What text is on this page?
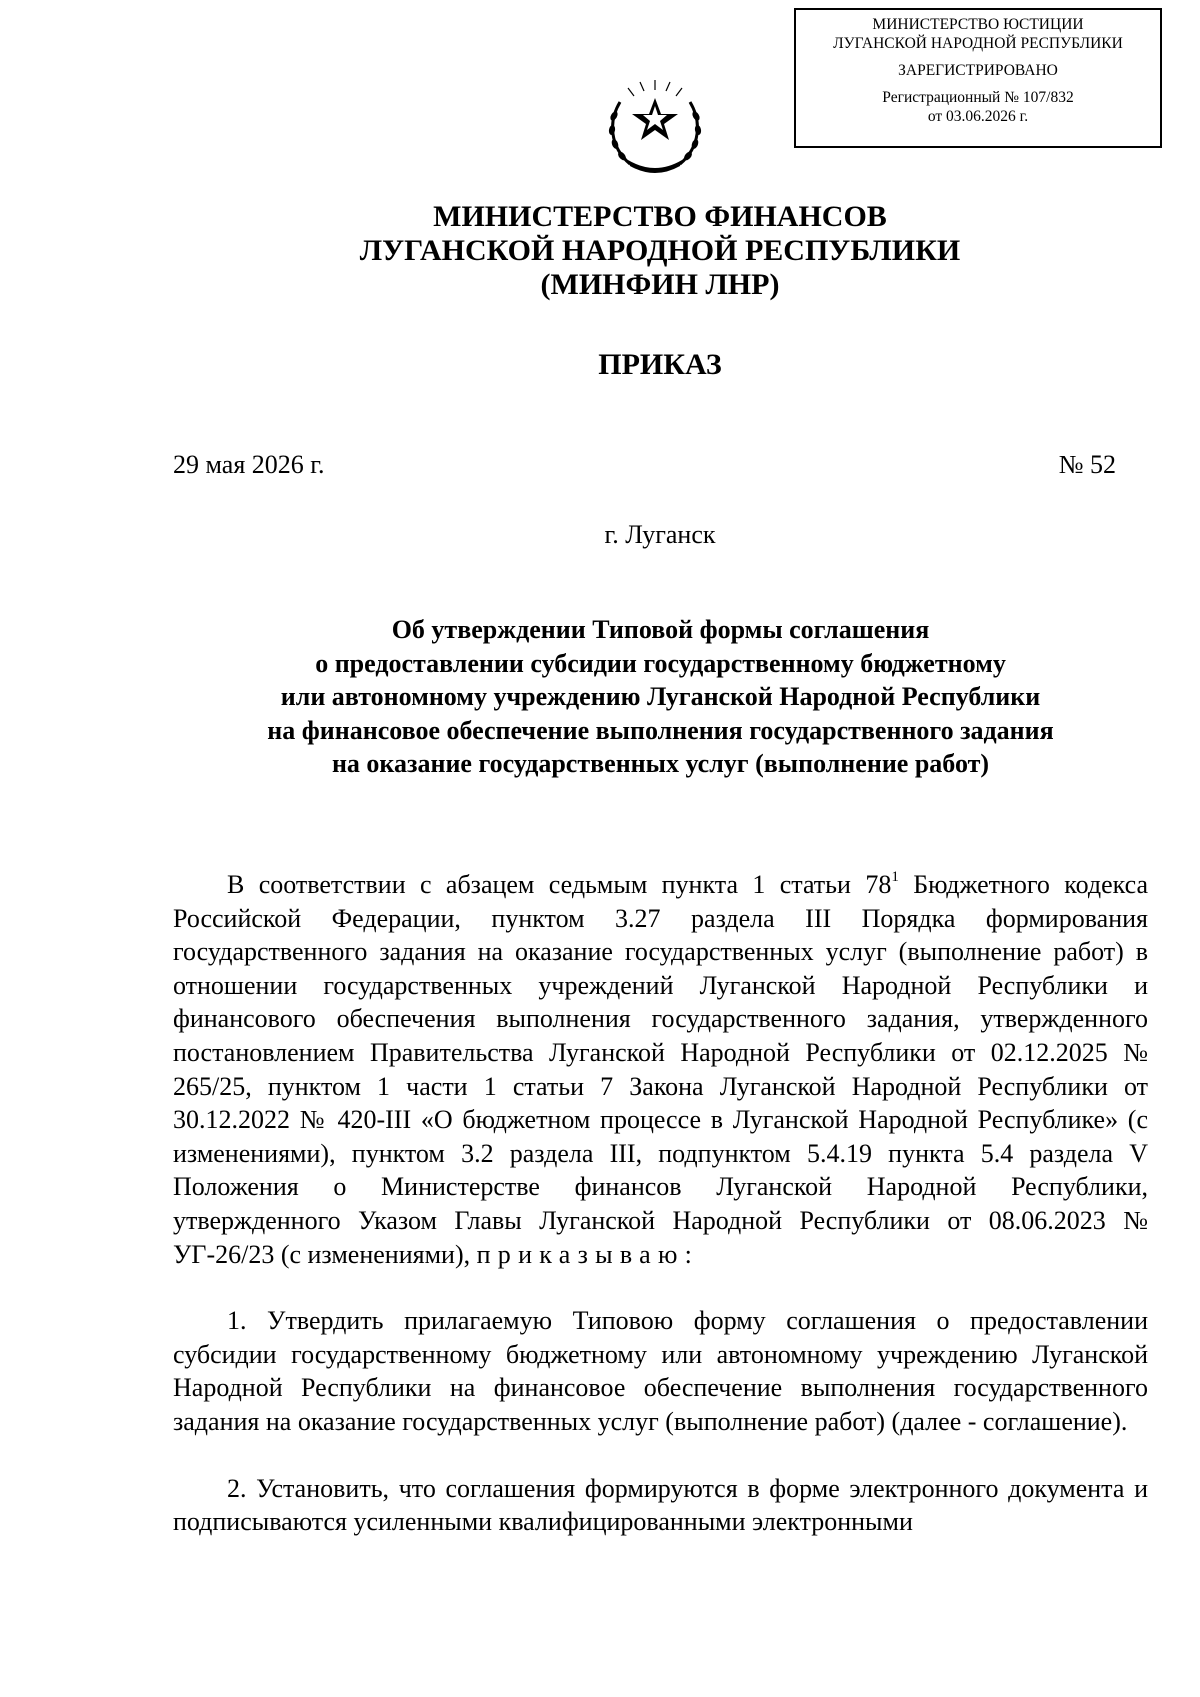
МИНИСТЕРСТВО ЮСТИЦИИ
ЛУГАНСКОЙ НАРОДНОЙ РЕСПУБЛИКИ
ЗАРЕГИСТРИРОВАНО
Регистрационный № 107/832
от 03.06.2026 г.
МИНИСТЕРСТВО ФИНАНСОВ
ЛУГАНСКОЙ НАРОДНОЙ РЕСПУБЛИКИ
(МИНФИН ЛНР)
ПРИКАЗ
29 мая 2026 г.	№ 52
г. Луганск
Об утверждении Типовой формы соглашения
о предоставлении субсидии государственному бюджетному
или автономному учреждению Луганской Народной Республики
на финансовое обеспечение выполнения государственного задания
на оказание государственных услуг (выполнение работ)

В соответствии с абзацем седьмым пункта 1 статьи $78^1$ Бюджетного кодекса Российской Федерации, пунктом 3.27 раздела III Порядка формирования государственного задания на оказание государственных услуг (выполнение работ) в отношении государственных учреждений Луганской Народной Республики и финансового обеспечения выполнения государственного задания, утвержденного постановлением Правительства Луганской Народной Республики от 02.12.2025 № 265/25, пунктом 1 части 1 статьи 7 Закона Луганской Народной Республики от 30.12.2022 № 420-III «О бюджетном процессе в Луганской Народной Республике» (с изменениями), пунктом 3.2 раздела III, подпунктом 5.4.19 пункта 5.4 раздела V Положения о Министерстве финансов Луганской Народной Республики, утвержденного Указом Главы Луганской Народной Республики от 08.06.2023 № УГ-26/23 (с изменениями), приказываю:

1. Утвердить прилагаемую Типовою форму соглашения о предоставлении субсидии государственному бюджетному или автономному учреждению Луганской Народной Республики на финансовое обеспечение выполнения государственного задания на оказание государственных услуг (выполнение работ) (далее - соглашение).

2. Установить, что соглашения формируются в форме электронного документа и подписываются усиленными квалифицированными электронными
